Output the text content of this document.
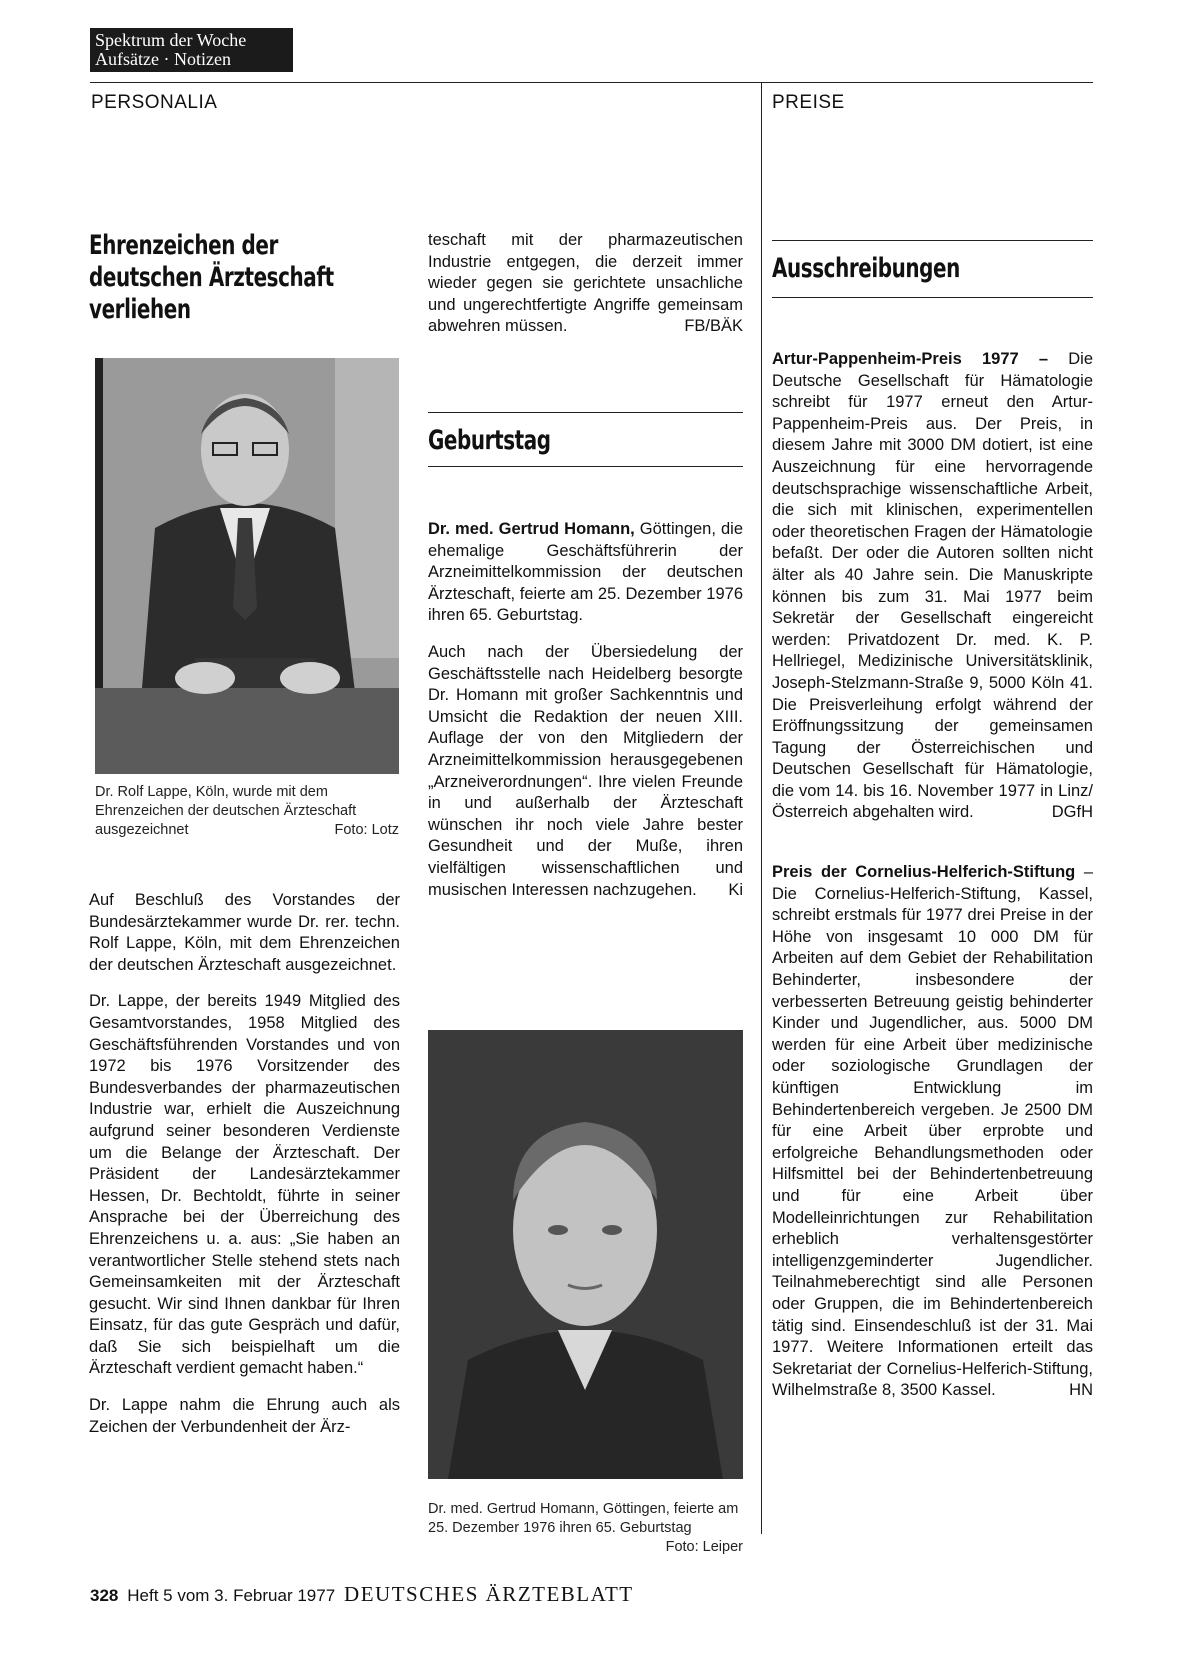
Spektrum der Woche
Aufsätze · Notizen
PERSONALIA	PREISE
Ehrenzeichen der
deutschen Ärzteschaft
verliehen
Dr. Rolf Lappe, Köln, wurde mit dem Ehrenzeichen der deutschen Ärzteschaft ausgezeichnet	Foto: Lotz

Auf Beschluß des Vorstandes der Bundesärztekammer wurde Dr. rer. techn. Rolf Lappe, Köln, mit dem Ehrenzeichen der deutschen Ärzteschaft ausgezeichnet.

Dr. Lappe, der bereits 1949 Mitglied des Gesamtvorstandes, 1958 Mitglied des Geschäftsführenden Vorstandes und von 1972 bis 1976 Vorsitzender des Bundesverbandes der pharmazeutischen Industrie war, erhielt die Auszeichnung aufgrund seiner besonderen Verdienste um die Belange der Ärzteschaft. Der Präsident der Landesärztekammer Hessen, Dr. Bechtoldt, führte in seiner Ansprache bei der Überreichung des Ehrenzeichens u. a. aus: „Sie haben an verantwortlicher Stelle stehend stets nach Gemeinsamkeiten mit der Ärzteschaft gesucht. Wir sind Ihnen dankbar für Ihren Einsatz, für das gute Gespräch und dafür, daß Sie sich beispielhaft um die Ärzteschaft verdient gemacht haben.“

Dr. Lappe nahm die Ehrung auch als Zeichen der Verbundenheit der Ärz-

teschaft mit der pharmazeutischen Industrie entgegen, die derzeit immer wieder gegen sie gerichtete unsachliche und ungerechtfertigte Angriffe gemeinsam abwehren müssen.	FB/BÄK

Geburtstag

Dr. med. Gertrud Homann, Göttingen, die ehemalige Geschäftsführerin der Arzneimittelkommission der deutschen Ärzteschaft, feierte am 25. Dezember 1976 ihren 65. Geburtstag.

Auch nach der Übersiedelung der Geschäftsstelle nach Heidelberg besorgte Dr. Homann mit großer Sachkenntnis und Umsicht die Redaktion der neuen XIII. Auflage der von den Mitgliedern der Arzneimittelkommission herausgegebenen „Arzneiverordnungen“. Ihre vielen Freunde in und außerhalb der Ärzteschaft wünschen ihr noch viele Jahre bester Gesundheit und der Muße, ihren vielfältigen wissenschaftlichen und musischen Interessen nachzugehen. Ki

Dr. med. Gertrud Homann, Göttingen, feierte am 25. Dezember 1976 ihren 65. Geburtstag
Foto: Leiper
Ausschreibungen

Artur-Pappenheim-Preis 1977 – Die Deutsche Gesellschaft für Hämatologie schreibt für 1977 erneut den Artur-Pappenheim-Preis aus. Der Preis, in diesem Jahre mit 3000 DM dotiert, ist eine Auszeichnung für eine hervorragende deutschsprachige wissenschaftliche Arbeit, die sich mit klinischen, experimentellen oder theoretischen Fragen der Hämatologie befaßt. Der oder die Autoren sollten nicht älter als 40 Jahre sein. Die Manuskripte können bis zum 31. Mai 1977 beim Sekretär der Gesellschaft eingereicht werden: Privatdozent Dr. med. K. P. Hellriegel, Medizinische Universitätsklinik, Joseph-Stelzmann-Straße 9, 5000 Köln 41. Die Preisverleihung erfolgt während der Eröffnungssitzung der gemeinsamen Tagung der Österreichischen und Deutschen Gesellschaft für Hämatologie, die vom 14. bis 16. November 1977 in Linz/Österreich abgehalten wird.	DGfH

Preis der Cornelius-Helferich-Stiftung – Die Cornelius-Helferich-Stiftung, Kassel, schreibt erstmals für 1977 drei Preise in der Höhe von insgesamt 10 000 DM für Arbeiten auf dem Gebiet der Rehabilitation Behinderter, insbesondere der verbesserten Betreuung geistig behinderter Kinder und Jugendlicher, aus. 5000 DM werden für eine Arbeit über medizinische oder soziologische Grundlagen der künftigen Entwicklung im Behindertenbereich vergeben. Je 2500 DM für eine Arbeit über erprobte und erfolgreiche Behandlungsmethoden oder Hilfsmittel bei der Behindertenbetreuung und für eine Arbeit über Modelleinrichtungen zur Rehabilitation erheblich verhaltensgestörter intelligenzgeminderter Jugendlicher. Teilnahmeberechtigt sind alle Personen oder Gruppen, die im Behindertenbereich tätig sind. Einsendeschluß ist der 31. Mai 1977. Weitere Informationen erteilt das Sekretariat der Cornelius-Helferich-Stiftung, Wilhelmstraße 8, 3500 Kassel.	HN

328 Heft 5 vom 3. Februar 1977 DEUTSCHES ÄRZTEBLATT
